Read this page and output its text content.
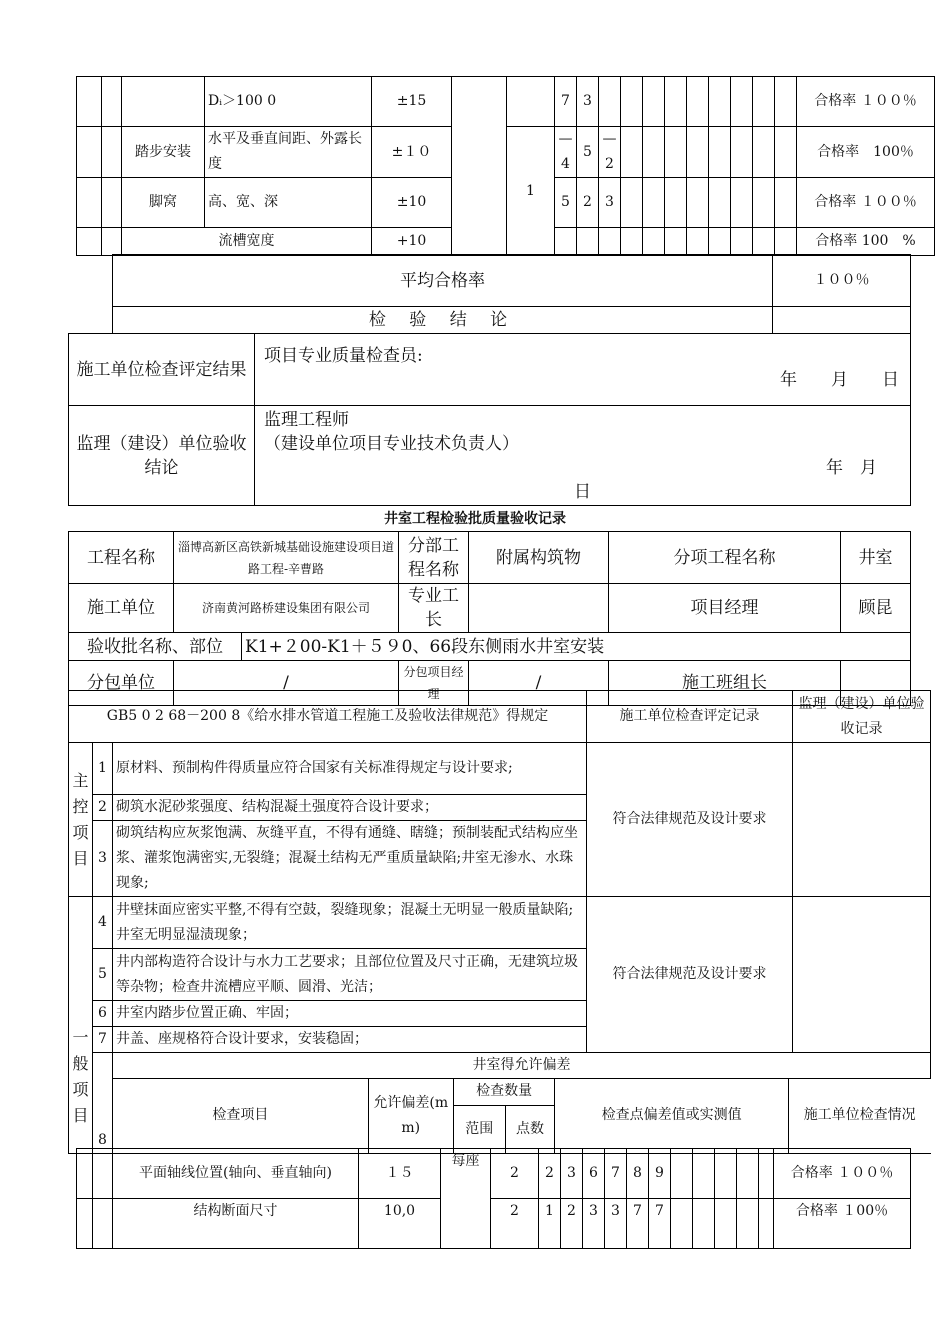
			Dᵢ＞100 0	±15			7	3										合格率 １００％
		踏步安装	水平及垂直间距、外露长度	±１０		1	—4	5	—2									合格率　100％
		脚窝	高、宽、深	±10			5	2	3									合格率 １００％
		流槽宽度		+10														合格率 100　%
平均合格率	１００％
检 验 结 论	
施工单位检查评定结果	项目专业质量检查员:
年　　月　　日

监理（建设）单位验收结论	监理工程师
（建设单位项目专业技术负责人）
年　月
日
井室工程检验批质量验收记录
工程名称	淄博高新区高铁新城基础设施建设项目道路工程-辛曹路		分部工程名称	附属构筑物	分项工程名称	井室
施工单位	济南黄河路桥建设集团有限公司		专业工长		项目经理	顾昆
验收批名称、部位		K1+２00-K1＋５９0、66段东侧雨水井室安装				
分包单位	/		分包项目经理	/	施工班组长	
GB5 0 2 68－200 8《给水排水管道工程施工及验收法律规范》得规定	施工单位检查评定记录	监理（建设）单位验收记录
主控项目	1	原材料、预制构件得质量应符合国家有关标准得规定与设计要求;	符合法律规范及设计要求	
2	砌筑水泥砂浆强度、结构混凝土强度符合设计要求；
3	砌筑结构应灰浆饱满、灰缝平直，不得有通缝、瞎缝；预制装配式结构应坐浆、灌浆饱满密实,无裂缝；混凝土结构无严重质量缺陷;井室无渗水、水珠现象;
一般项目	4	井壁抹面应密实平整,不得有空鼓，裂缝现象；混凝土无明显一般质量缺陷;井室无明显湿渍现象；	符合法律规范及设计要求	
5	井内部构造符合设计与水力工艺要求；且部位位置及尺寸正确，无建筑垃圾等杂物；检查井流槽应平顺、圆滑、光洁；
6	井室内踏步位置正确、牢固；
7	井盖、座规格符合设计要求，安装稳固；
8	井室得允许偏差

检查项目	允许偏差(mm)	检查数量	检查点偏差值或实测值	施工单位检查情况
范围	点数
		平面轴线位置(轴向、垂直轴向)	１５	每座	2	2	3	6	7	8	9						合格率 １００％
		结构断面尺寸	10,0		2	1	2	3	3	7	7						合格率 １00％
